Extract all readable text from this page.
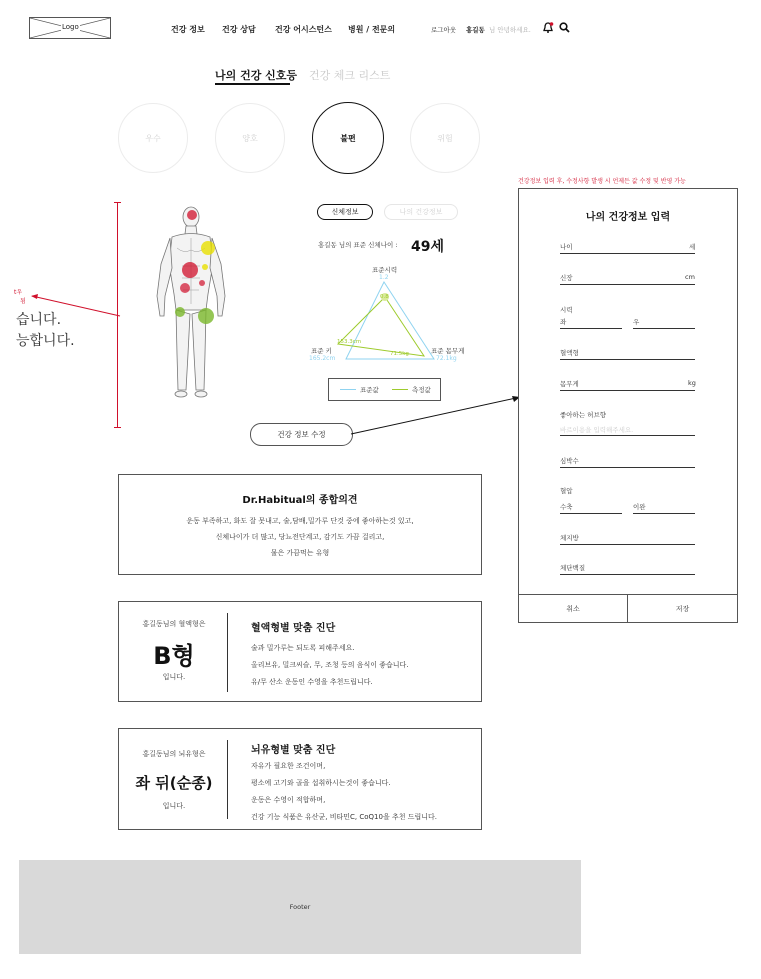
Logo	건강 정보 건강 상담 건강 어시스턴스 병원 / 전문의	로그아웃 홍길동 님 안녕하세요.
나의 건강 신호등 건강 체크 리스트
우수	양호	불편	위험
t우
됨
습니다.
능합니다.
신체정보	나의 건강정보
홍길동 님의 표준 신체나이 : 49세
표준시력
1.2
0.8
153.3cm
71.5kg
표준 키
165.2cm
표준 몸무게
72.1kg
표준값	측정값
건강 정보 수정
Dr.Habitual의 종합의견
운동 부족하고, 화도 잘 못내고, 술,담배,밀가루 단것 중에 좋아하는것 있고,
신체나이가 더 많고, 당뇨전단계고, 감기도 가끔 걸리고,
물은 가끔먹는 유형
홍길동님의 혈액형은
B형
입니다.
혈액형별 맞춤 진단
술과 밀가루는 되도록 피해주세요.
올리브유, 밀크씨슬, 무, 조청 등의 음식이 좋습니다.
유/무 산소 운동인 수영을 추천드립니다.
홍길동님의 뇌유형은
좌 뒤(순종)
입니다.
뇌유형별 맞춤 진단
자유가 필요한 조건이며,
평소에 고기와 골을 섭취하시는것이 좋습니다.
운동은 수영이 적합하며,
건강 기능 식품은 유산균, 비타민C, CoQ10을 추천 드립니다.
건강정보 입력 후, 수정사항 발생 시 언제든 값 수정 및 반영 가능
나의 건강정보 입력
나이	세
신장	cm
시력
좌	우
혈액형
몸무게	kg
좋아하는 허브향
바르이용을 입력해주세요.
심박수
혈압
수축	이완
체지방
체단백질
취소	저장
Footer
